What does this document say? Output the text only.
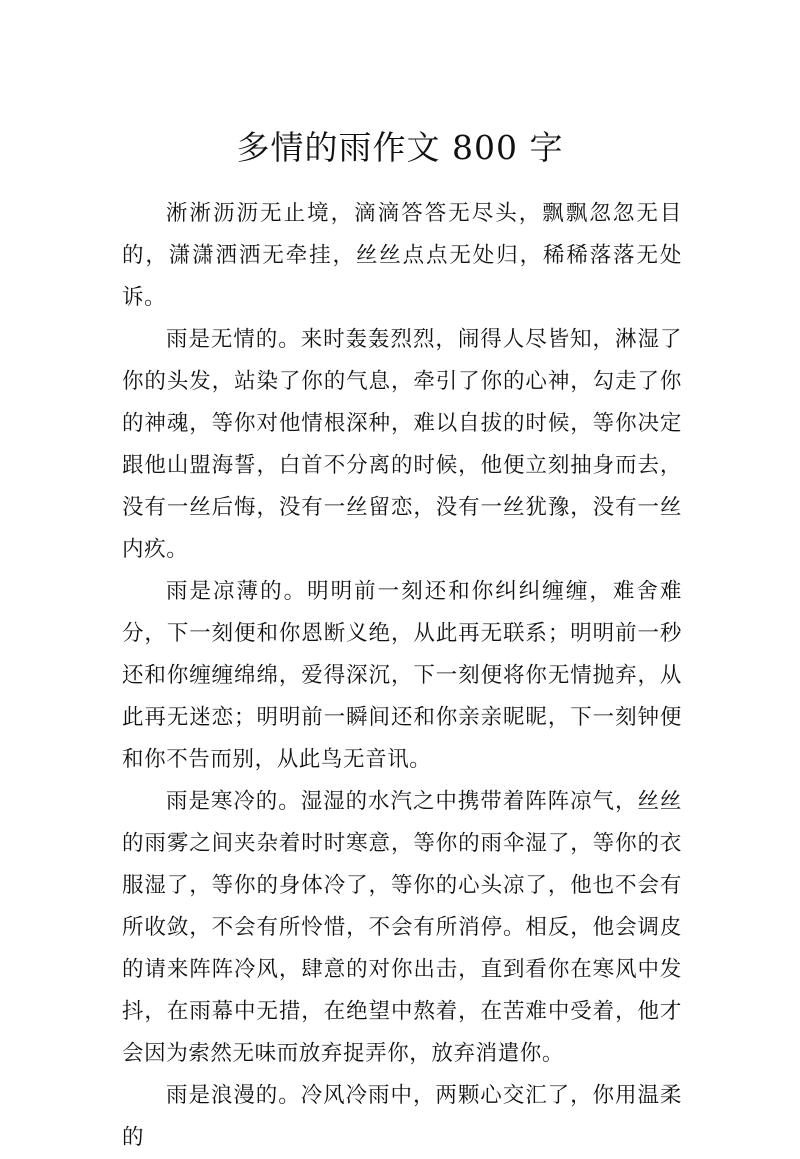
多情的雨作文 800 字

淅淅沥沥无止境，滴滴答答无尽头，飘飘忽忽无目的，潇潇洒洒无牵挂，丝丝点点无处归，稀稀落落无处诉。

雨是无情的。来时轰轰烈烈，闹得人尽皆知，淋湿了你的头发，站染了你的气息，牵引了你的心神，勾走了你的神魂，等你对他情根深种，难以自拔的时候，等你决定跟他山盟海誓，白首不分离的时候，他便立刻抽身而去，没有一丝后悔，没有一丝留恋，没有一丝犹豫，没有一丝内疚。

雨是凉薄的。明明前一刻还和你纠纠缠缠，难舍难分，下一刻便和你恩断义绝，从此再无联系；明明前一秒还和你缠缠绵绵，爱得深沉，下一刻便将你无情抛弃，从此再无迷恋；明明前一瞬间还和你亲亲昵昵，下一刻钟便和你不告而别，从此鸟无音讯。

雨是寒冷的。湿湿的水汽之中携带着阵阵凉气，丝丝的雨雾之间夹杂着时时寒意，等你的雨伞湿了，等你的衣服湿了，等你的身体冷了，等你的心头凉了，他也不会有所收敛，不会有所怜惜，不会有所消停。相反，他会调皮的请来阵阵冷风，肆意的对你出击，直到看你在寒风中发抖，在雨幕中无措，在绝望中熬着，在苦难中受着，他才会因为索然无味而放弃捉弄你，放弃消遣你。

雨是浪漫的。冷风冷雨中，两颗心交汇了，你用温柔的
